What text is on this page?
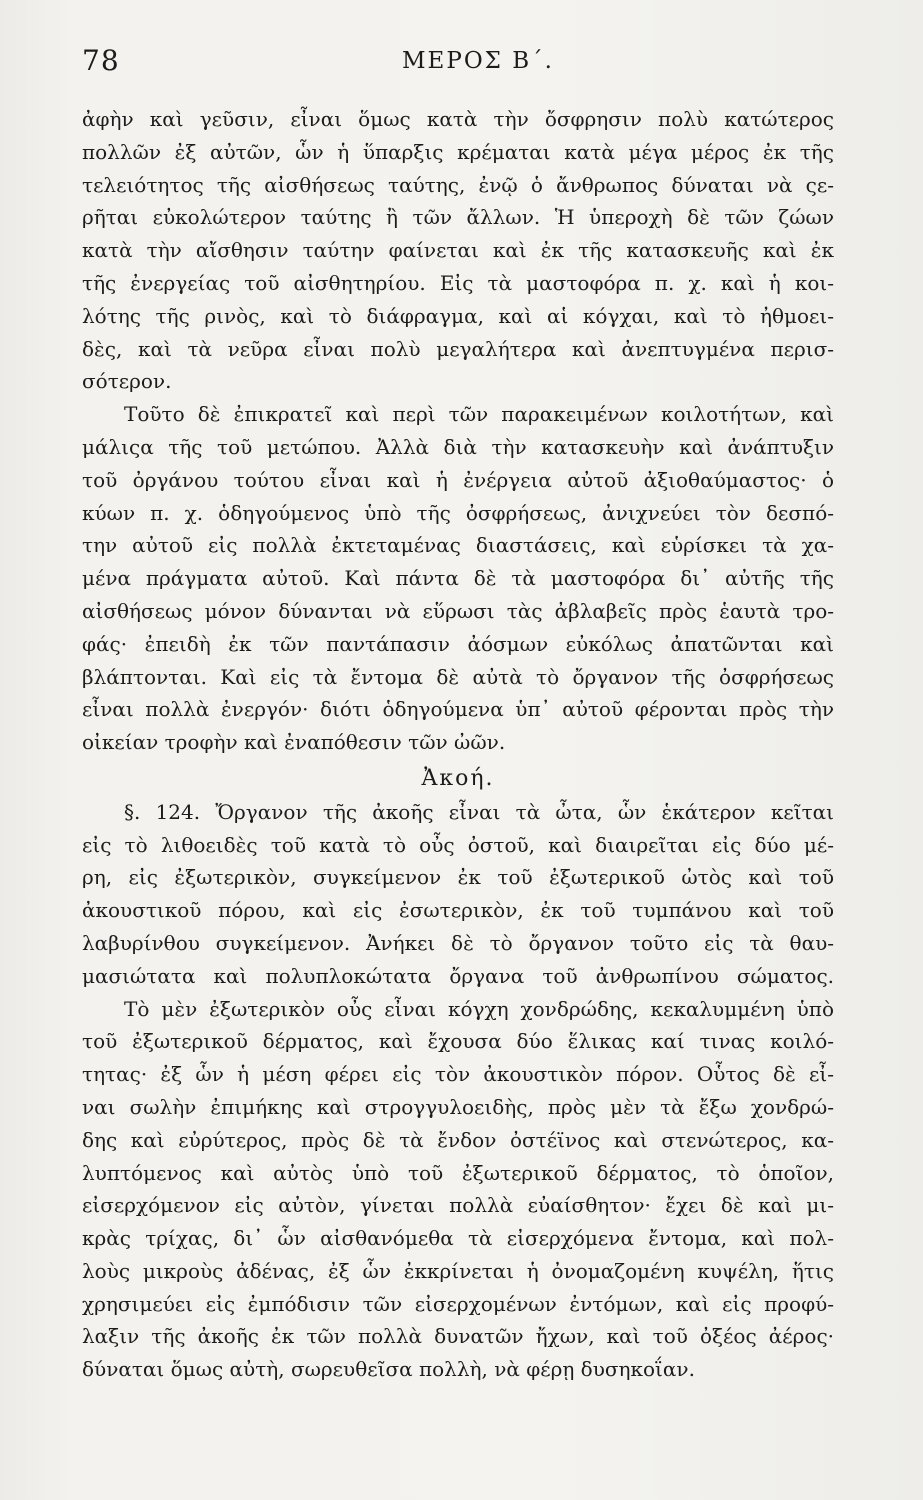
78	ΜΕΡΟΣ Β΄.
ἀφὴν καὶ γεῦσιν, εἶναι ὅμως κατὰ τὴν ὄσφρησιν πολὺ κατώτερος
πολλῶν ἐξ αὐτῶν, ὧν ἡ ὕπαρξις κρέμαται κατὰ μέγα μέρος ἐκ τῆς
τελειότητος τῆς αἰσθήσεως ταύτης, ἐνῷ ὁ ἄνθρωπος δύναται νὰ ςε-
ρῆται εὐκολώτερον ταύτης ἢ τῶν ἄλλων. Ἡ ὑπεροχὴ δὲ τῶν ζώων
κατὰ τὴν αἴσθησιν ταύτην φαίνεται καὶ ἐκ τῆς κατασκευῆς καὶ ἐκ
τῆς ἐνεργείας τοῦ αἰσθητηρίου. Εἰς τὰ μαστοφόρα π. χ. καὶ ἡ κοι-
λότης τῆς ρινὸς, καὶ τὸ διάφραγμα, καὶ αἱ κόγχαι, καὶ τὸ ἠθμοει-
δὲς, καὶ τὰ νεῦρα εἶναι πολὺ μεγαλήτερα καὶ ἀνεπτυγμένα περισ-
σότερον.
Τοῦτο δὲ ἐπικρατεῖ καὶ περὶ τῶν παρακειμένων κοιλοτήτων, καὶ
μάλιςα τῆς τοῦ μετώπου. Ἀλλὰ διὰ τὴν κατασκευὴν καὶ ἀνάπτυξιν
τοῦ ὀργάνου τούτου εἶναι καὶ ἡ ἐνέργεια αὐτοῦ ἀξιοθαύμαστος· ὁ
κύων π. χ. ὁδηγούμενος ὑπὸ τῆς ὀσφρήσεως, ἀνιχνεύει τὸν δεσπό-
την αὐτοῦ εἰς πολλὰ ἐκτεταμένας διαστάσεις, καὶ εὑρίσκει τὰ χα-
μένα πράγματα αὐτοῦ. Καὶ πάντα δὲ τὰ μαστοφόρα δι᾽ αὐτῆς τῆς
αἰσθήσεως μόνον δύνανται νὰ εὕρωσι τὰς ἀβλαβεῖς πρὸς ἑαυτὰ τρο-
φάς· ἐπειδὴ ἐκ τῶν παντάπασιν ἀόσμων εὐκόλως ἀπατῶνται καὶ
βλάπτονται. Καὶ εἰς τὰ ἔντομα δὲ αὐτὰ τὸ ὄργανον τῆς ὀσφρήσεως
εἶναι πολλὰ ἐνεργόν· διότι ὁδηγούμενα ὑπ᾽ αὐτοῦ φέρονται πρὸς τὴν
οἰκείαν τροφὴν καὶ ἐναπόθεσιν τῶν ὠῶν.
Ἀκοή.
§. 124. Ὄργανον τῆς ἀκοῆς εἶναι τὰ ὦτα, ὧν ἑκάτερον κεῖται
εἰς τὸ λιθοειδὲς τοῦ κατὰ τὸ οὖς ὀστοῦ, καὶ διαιρεῖται εἰς δύο μέ-
ρη, εἰς ἐξωτερικὸν, συγκείμενον ἐκ τοῦ ἐξωτερικοῦ ὠτὸς καὶ τοῦ
ἀκουστικοῦ πόρου, καὶ εἰς ἐσωτερικὸν, ἐκ τοῦ τυμπάνου καὶ τοῦ
λαβυρίνθου συγκείμενον. Ἀνήκει δὲ τὸ ὄργανον τοῦτο εἰς τὰ θαυ-
μασιώτατα καὶ πολυπλοκώτατα ὄργανα τοῦ ἀνθρωπίνου σώματος.
Τὸ μὲν ἐξωτερικὸν οὖς εἶναι κόγχη χονδρώδης, κεκαλυμμένη ὑπὸ
τοῦ ἐξωτερικοῦ δέρματος, καὶ ἔχουσα δύο ἕλικας καί τινας κοιλό-
τητας· ἐξ ὧν ἡ μέση φέρει εἰς τὸν ἀκουστικὸν πόρον. Οὗτος δὲ εἶ-
ναι σωλὴν ἐπιμήκης καὶ στρογγυλοειδὴς, πρὸς μὲν τὰ ἔξω χονδρώ-
δης καὶ εὐρύτερος, πρὸς δὲ τὰ ἔνδον ὀστέϊνος καὶ στενώτερος, κα-
λυπτόμενος καὶ αὐτὸς ὑπὸ τοῦ ἐξωτερικοῦ δέρματος, τὸ ὁποῖον,
εἰσερχόμενον εἰς αὐτὸν, γίνεται πολλὰ εὐαίσθητον· ἔχει δὲ καὶ μι-
κρὰς τρίχας, δι᾽ ὧν αἰσθανόμεθα τὰ εἰσερχόμενα ἔντομα, καὶ πολ-
λοὺς μικροὺς ἀδένας, ἐξ ὧν ἐκκρίνεται ἡ ὀνομαζομένη κυψέλη, ἥτις
χρησιμεύει εἰς ἐμπόδισιν τῶν εἰσερχομένων ἐντόμων, καὶ εἰς προφύ-
λαξιν τῆς ἀκοῆς ἐκ τῶν πολλὰ δυνατῶν ἤχων, καὶ τοῦ ὀξέος ἀέρος·
δύναται ὅμως αὐτὴ, σωρευθεῖσα πολλὴ, νὰ φέρῃ δυσηκοΐαν.
